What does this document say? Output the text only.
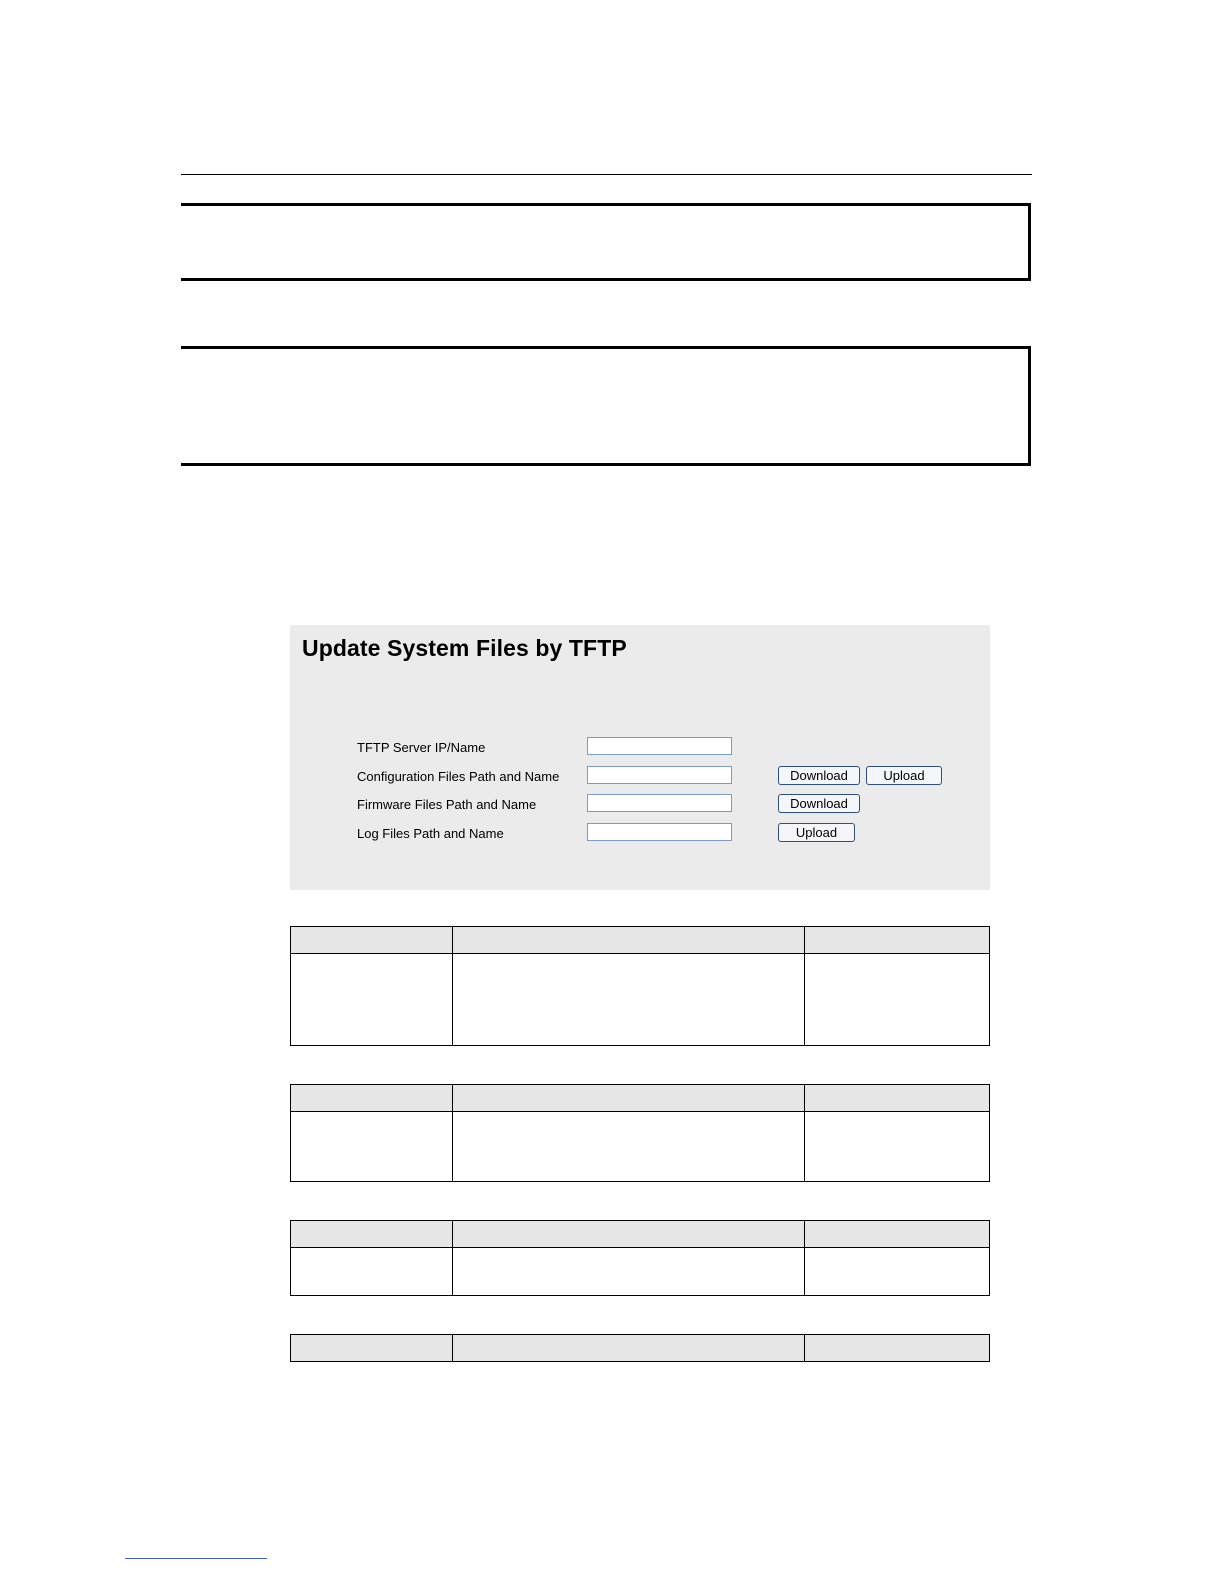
Update System Files by TFTP
TFTP Server IP/Name
Configuration Files Path and Name	Download	Upload
Firmware Files Path and Name	Download
Log Files Path and Name	Upload
